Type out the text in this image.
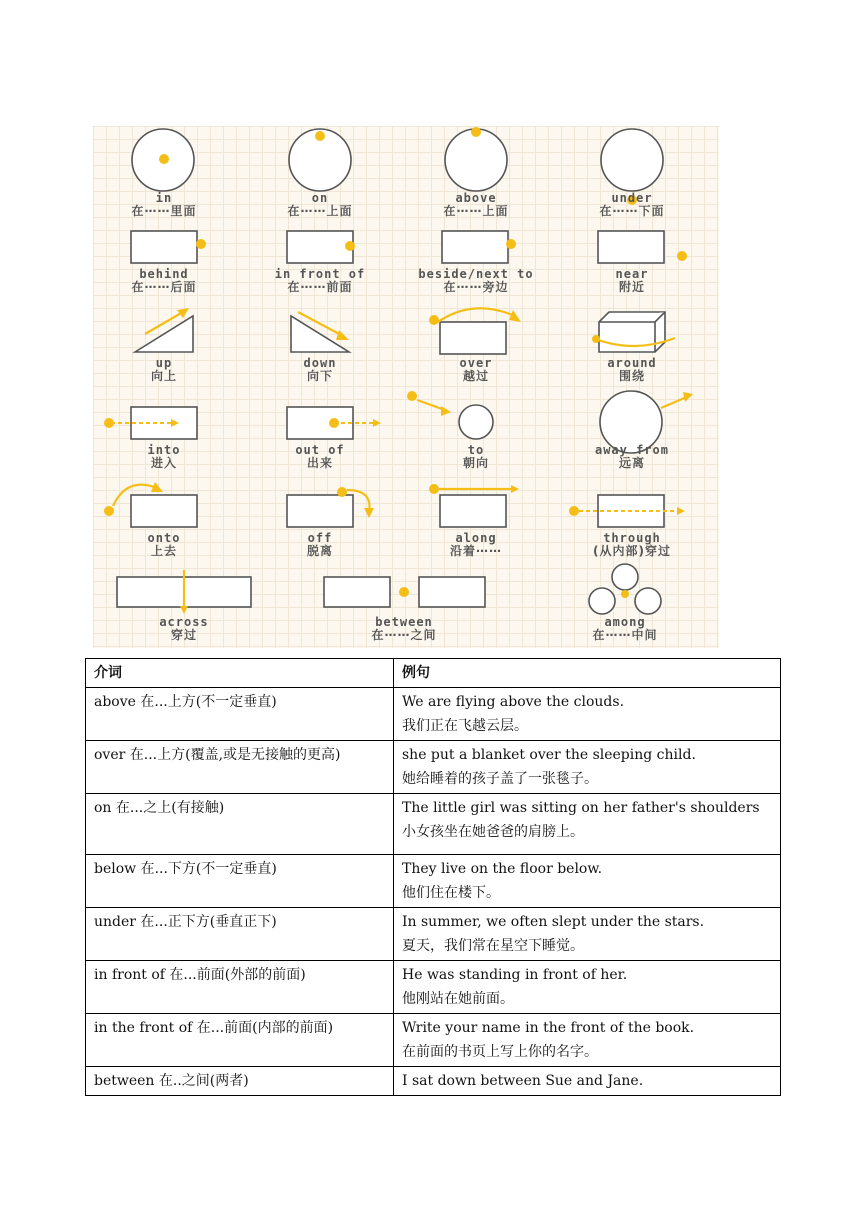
in
在⋯⋯里面
on
在⋯⋯上面
above
在⋯⋯上面
under
在⋯⋯下面
behind
在⋯⋯后面
in front of
在⋯⋯前面
beside/next to
在⋯⋯旁边
near
附近
up
向上
down
向下
over
越过
around
围绕
into
进入
out of
出来
to
朝向
away from
远离
onto
上去
off
脱离
along
沿着⋯⋯
through
(从内部)穿过
across
穿过
between
在⋯⋯之间
among
在⋯⋯中间
介词	例句
above 在...上方(不一定垂直)	We are flying above the clouds.
我们正在飞越云层。

over 在...上方(覆盖,或是无接触的更高)	she put a blanket over the sleeping child.
她给睡着的孩子盖了一张毯子。

on 在...之上(有接触)	The little girl was sitting on her father's shoulders
小女孩坐在她爸爸的肩膀上。

below 在...下方(不一定垂直)	They live on the floor below.
他们住在楼下。

under 在...正下方(垂直正下)	In summer, we often slept under the stars.
夏天，我们常在星空下睡觉。

in front of 在...前面(外部的前面)	He was standing in front of her.
他刚站在她前面。

in the front of 在...前面(内部的前面)	Write your name in the front of the book.
在前面的书页上写上你的名字。

between 在..之间(两者)	I sat down between Sue and Jane.
